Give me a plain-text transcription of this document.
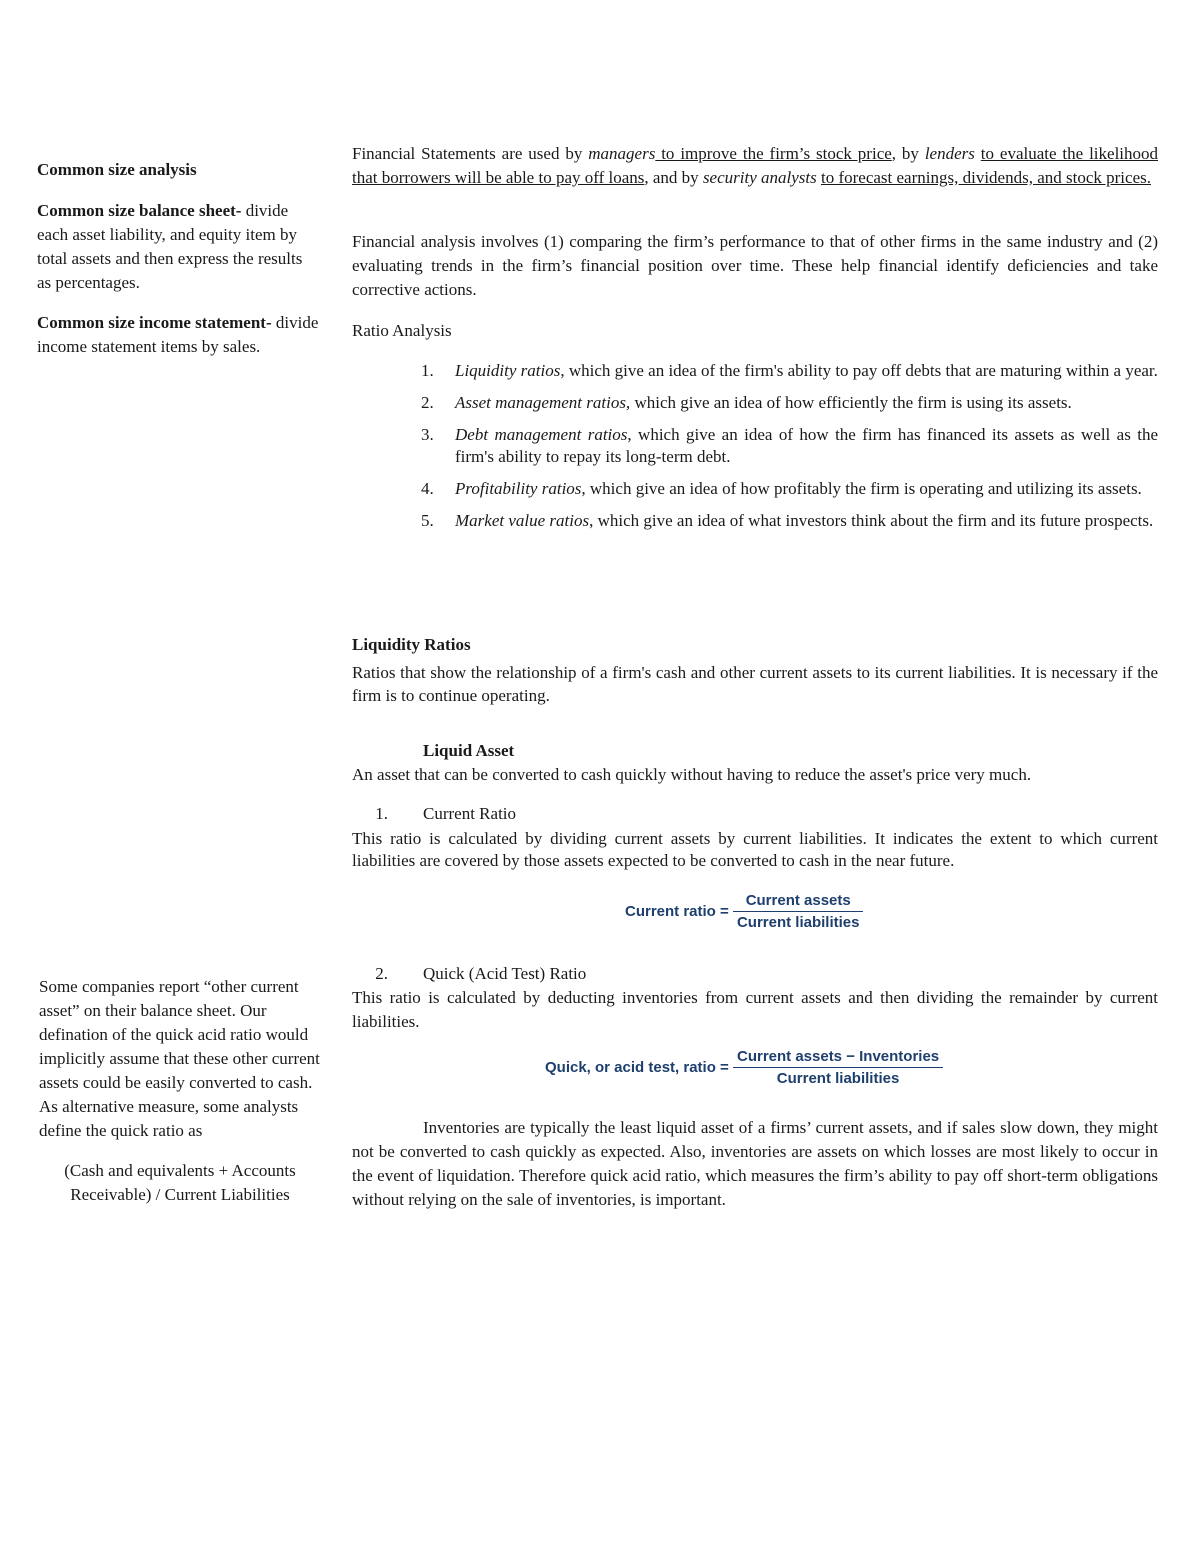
Common size analysis

Common size balance sheet- divide each asset liability, and equity item by total assets and then express the results as percentages.

Common size income statement- divide income statement items by sales.

Some companies report “other current asset” on their balance sheet. Our defination of the quick acid ratio would implicitly assume that these other current assets could be easily converted to cash. As alternative measure, some analysts define the quick ratio as

(Cash and equivalents + Accounts Receivable) / Current Liabilities

Financial Statements are used by managers to improve the firm’s stock price, by lenders to evaluate the likelihood that borrowers will be able to pay off loans, and by security analysts to forecast earnings, dividends, and stock prices.

Financial analysis involves (1) comparing the firm’s performance to that of other firms in the same industry and (2) evaluating trends in the firm’s financial position over time. These help financial identify deficiencies and take corrective actions.

Ratio Analysis

1. Liquidity ratios, which give an idea of the firm's ability to pay off debts that are maturing within a year.
2. Asset management ratios, which give an idea of how efficiently the firm is using its assets.
3. Debt management ratios, which give an idea of how the firm has financed its assets as well as the firm's ability to repay its long-term debt.
4. Profitability ratios, which give an idea of how profitably the firm is operating and utilizing its assets.
5. Market value ratios, which give an idea of what investors think about the firm and its future prospects.

Liquidity Ratios

Ratios that show the relationship of a firm's cash and other current assets to its current liabilities. It is necessary if the firm is to continue operating.

Liquid Asset

An asset that can be converted to cash quickly without having to reduce the asset's price very much.

1. Current Ratio

This ratio is calculated by dividing current assets by current liabilities. It indicates the extent to which current liabilities are covered by those assets expected to be converted to cash in the near future.

Current ratio = $\frac{\text{Current assets}}{\text{Current liabilities}}$

2. Quick (Acid Test) Ratio

This ratio is calculated by deducting inventories from current assets and then dividing the remainder by current liabilities.

Quick, or acid test, ratio = $\frac{\text{Current assets − Inventories}}{\text{Current liabilities}}$

Inventories are typically the least liquid asset of a firms’ current assets, and if sales slow down, they might not be converted to cash quickly as expected. Also, inventories are assets on which losses are most likely to occur in the event of liquidation. Therefore quick acid ratio, which measures the firm’s ability to pay off short-term obligations without relying on the sale of inventories, is important.
